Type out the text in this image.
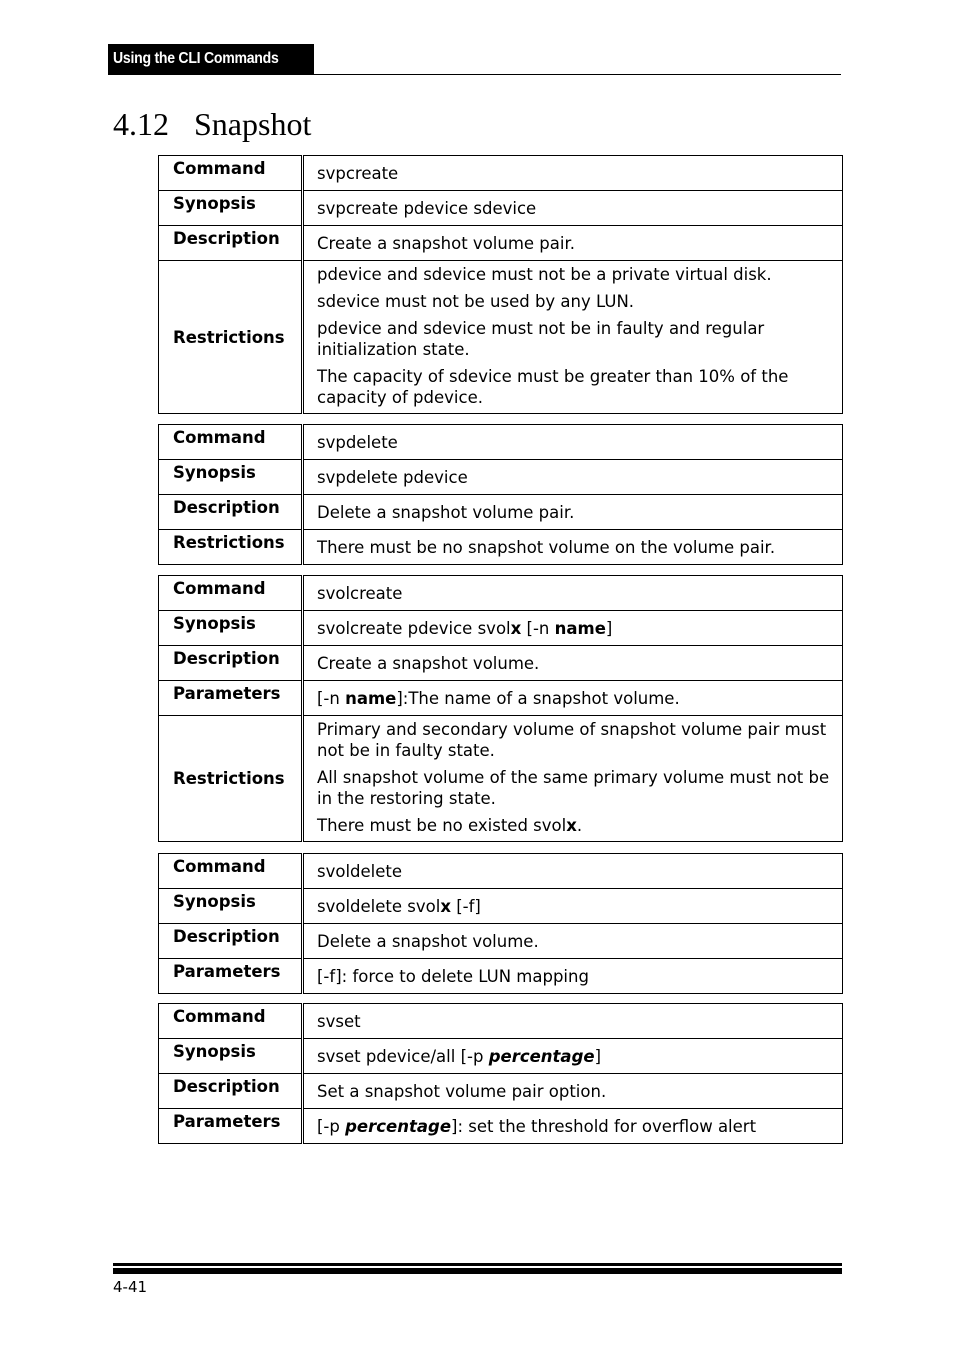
Using the CLI Commands
4.12 Snapshot
Command	svpcreate
Synopsis	svpcreate pdevice sdevice
Description	Create a snapshot volume pair.
Restrictions	pdevice and sdevice must not be a private virtual disk.
sdevice must not be used by any LUN.
pdevice and sdevice must not be in faulty and regular initialization state.
The capacity of sdevice must be greater than 10% of the capacity of pdevice.
Command	svpdelete
Synopsis	svpdelete pdevice
Description	Delete a snapshot volume pair.
Restrictions	There must be no snapshot volume on the volume pair.
Command	svolcreate
Synopsis	svolcreate pdevice svolx [-n name]
Description	Create a snapshot volume.
Parameters	[-n name]:The name of a snapshot volume.
Restrictions	Primary and secondary volume of snapshot volume pair must not be in faulty state.
All snapshot volume of the same primary volume must not be in the restoring state.
There must be no existed svolx.
Command	svoldelete
Synopsis	svoldelete svolx [-f]
Description	Delete a snapshot volume.
Parameters	[-f]: force to delete LUN mapping
Command	svset
Synopsis	svset pdevice/all [-p percentage]
Description	Set a snapshot volume pair option.
Parameters	[-p percentage]: set the threshold for overflow alert
4-41
